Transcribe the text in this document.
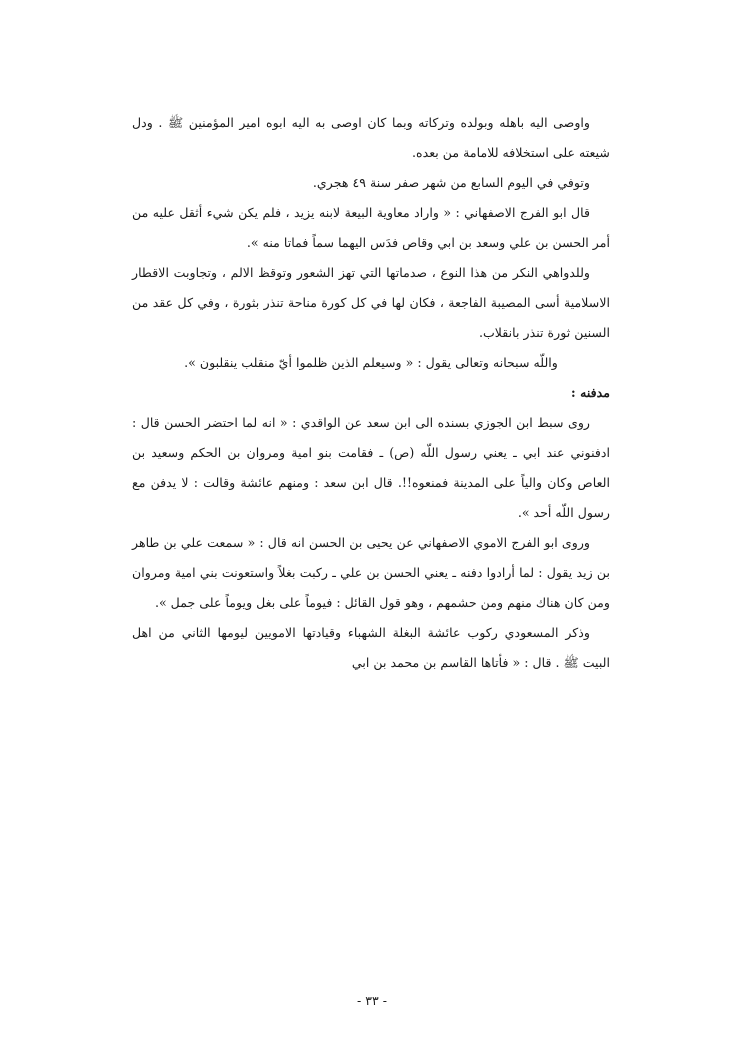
واوصى اليه باهله وبولده وتركاته وبما كان اوصى به اليه ابوه امير المؤمنين ﷺ . ودل شيعته على استخلافه للامامة من بعده.

وتوفي في اليوم السابع من شهر صفر سنة ٤٩ هجري.

قال ابو الفرج الاصفهاني : « واراد معاوية البيعة لابنه يزيد ، فلم يكن شيء أثقل عليه من أمر الحسن بن علي وسعد بن ابي وقاص فدَس اليهما سماً فماتا منه ».

وللدواهي النكر من هذا النوع ، صدماتها التي تهز الشعور وتوقظ الالم ، وتجاوبت الاقطار الاسلامية أسى المصيبة الفاجعة ، فكان لها في كل كورة مناحة تنذر بثورة ، وفي كل عقد من السنين ثورة تنذر بانقلاب.

واللّه سبحانه وتعالى يقول : « وسيعلم الذين ظلموا أيّ منقلب ينقلبون ».

مدفنه :

روى سبط ابن الجوزي بسنده الى ابن سعد عن الواقدي : « انه لما احتضر الحسن قال : ادفنوني عند ابي ـ يعني رسول اللّه (ص) ـ فقامت بنو امية ومروان بن الحكم وسعيد بن العاص وكان والياً على المدينة فمنعوه!!. قال ابن سعد : ومنهم عائشة وقالت : لا يدفن مع رسول اللّه أحد ».

وروى ابو الفرج الاموي الاصفهاني عن يحيى بن الحسن انه قال : « سمعت علي بن طاهر بن زيد يقول : لما أرادوا دفنه ـ يعني الحسن بن علي ـ ركبت بغلاً واستعونت بني امية ومروان ومن كان هناك منهم ومن حشمهم ، وهو قول القائل : فيوماً على بغل ويوماً على جمل ».

وذكر المسعودي ركوب عائشة البغلة الشهباء وقيادتها الامويين ليومها الثاني من اهل البيت ﷺ . قال : « فأتاها القاسم بن محمد بن ابي

- ٣٣ -
